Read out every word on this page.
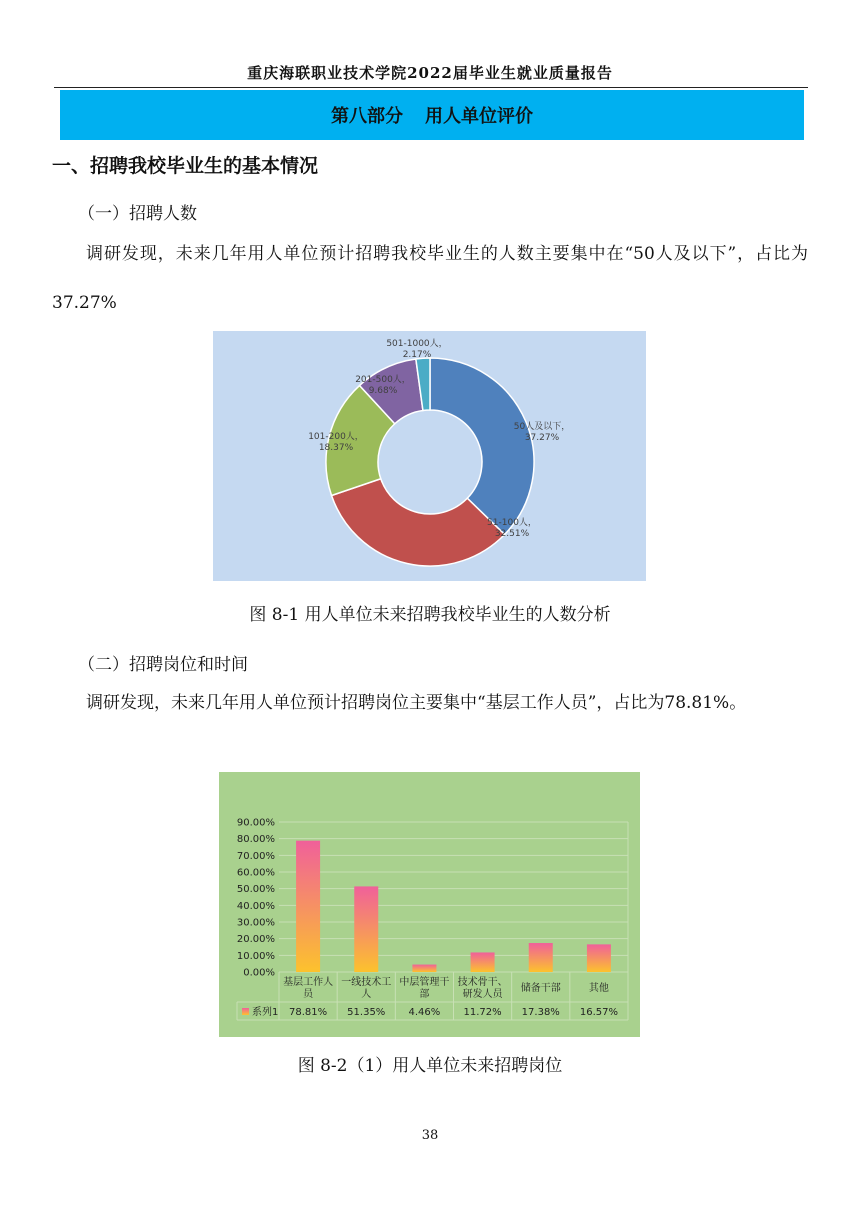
重庆海联职业技术学院2022届毕业生就业质量报告
第八部分 用人单位评价
一、招聘我校毕业生的基本情况
（一）招聘人数
调研发现，未来几年用人单位预计招聘我校毕业生的人数主要集中在“50人及以下”，占比为37.27%
50人及以下，
37.27%
51-100人，
32.51%
101-200人，
18.37%
201-500人，
9.68%
501-1000人，
2.17%
图 8-1 用人单位未来招聘我校毕业生的人数分析
（二）招聘岗位和时间
调研发现，未来几年用人单位预计招聘岗位主要集中“基层工作人员”，占比为78.81%。
0.00%
10.00%
20.00%
30.00%
40.00%
50.00%
60.00%
70.00%
80.00%
90.00%
基层工作人
员
一线技术工
人
中层管理干
部
技术骨干、
研发人员
储备干部	其他
系列1 78.81% 51.35% 4.46% 11.72% 17.38% 16.57%
图 8-2（1）用人单位未来招聘岗位
38
